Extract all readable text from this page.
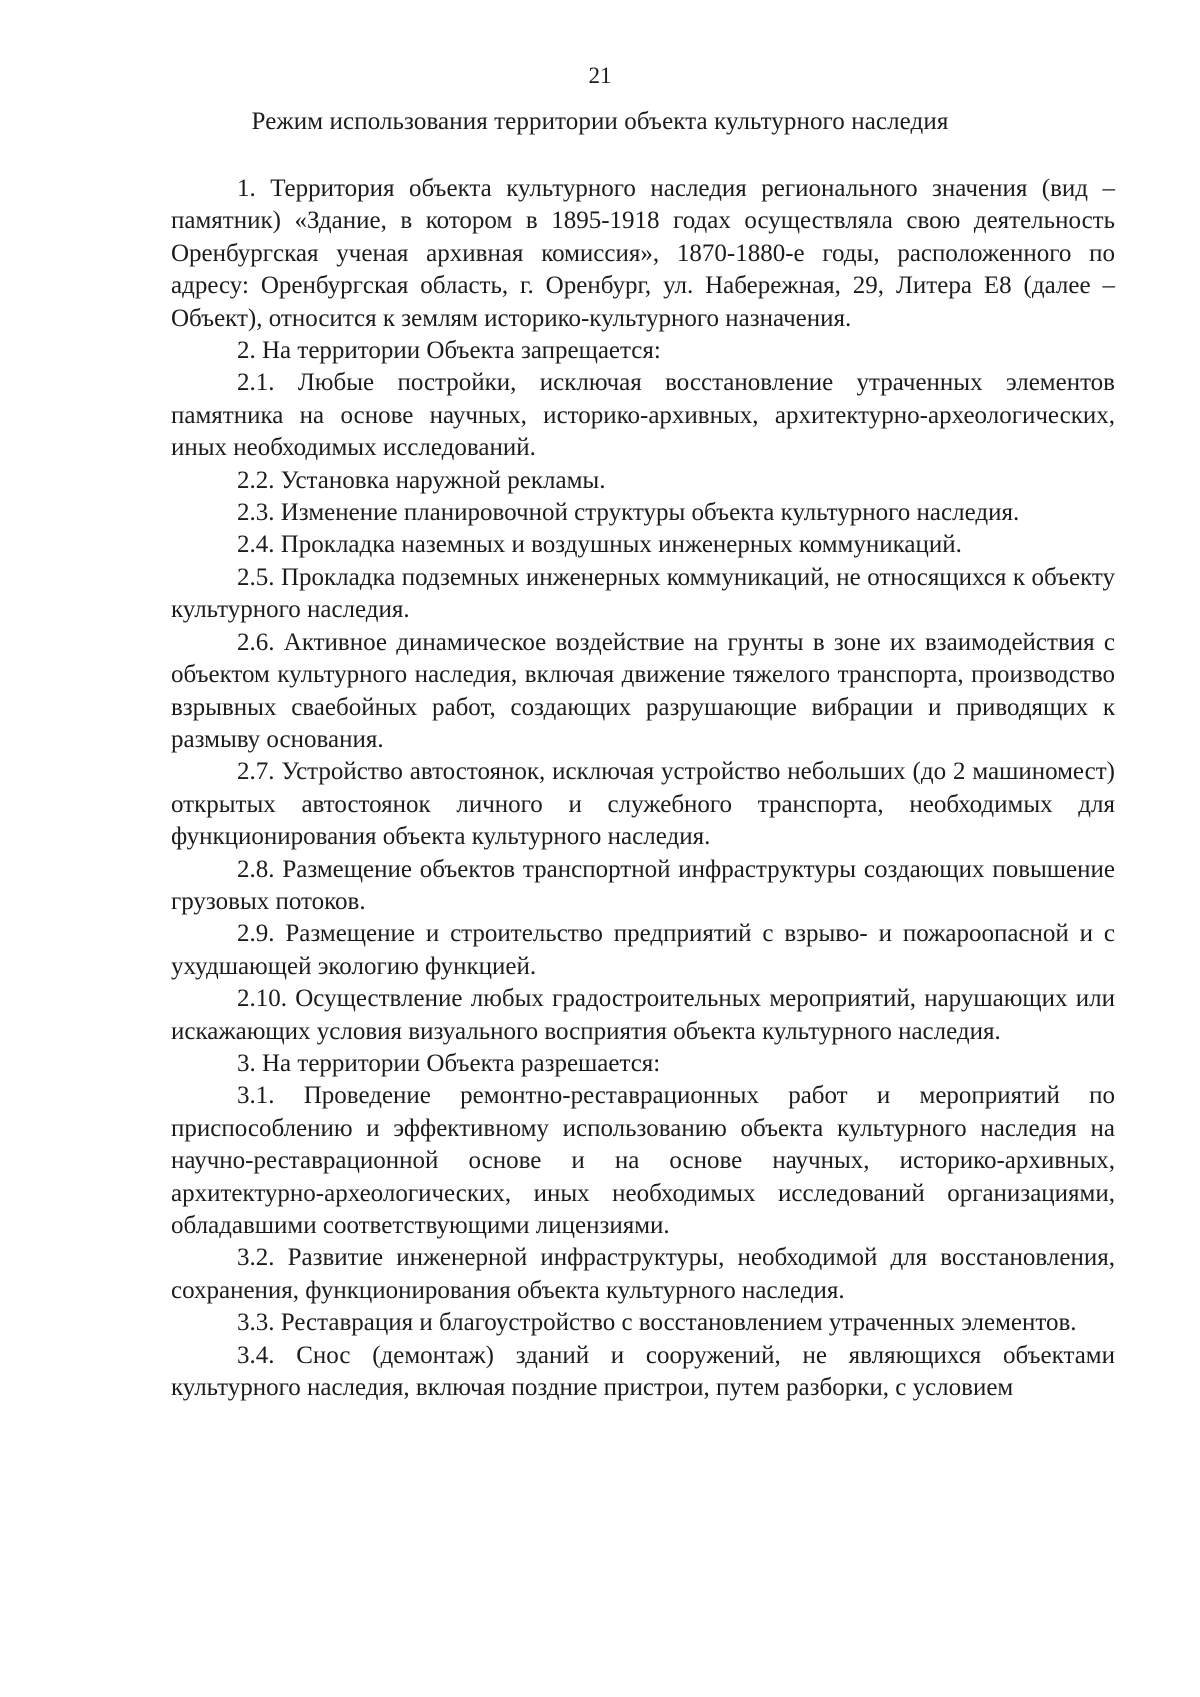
21
Режим использования территории объекта культурного наследия

1. Территория объекта культурного наследия регионального значения (вид – памятник) «Здание, в котором в 1895-1918 годах осуществляла свою деятельность Оренбургская ученая архивная комиссия», 1870-1880-е годы, расположенного по адресу: Оренбургская область, г. Оренбург, ул. Набережная, 29, Литера Е8 (далее – Объект), относится к землям историко-культурного назначения.

2. На территории Объекта запрещается:

2.1. Любые постройки, исключая восстановление утраченных элементов памятника на основе научных, историко-архивных, архитектурно-археологических, иных необходимых исследований.

2.2. Установка наружной рекламы.

2.3. Изменение планировочной структуры объекта культурного наследия.

2.4. Прокладка наземных и воздушных инженерных коммуникаций.

2.5. Прокладка подземных инженерных коммуникаций, не относящихся к объекту культурного наследия.

2.6. Активное динамическое воздействие на грунты в зоне их взаимодействия с объектом культурного наследия, включая движение тяжелого транспорта, производство взрывных сваебойных работ, создающих разрушающие вибрации и приводящих к размыву основания.

2.7. Устройство автостоянок, исключая устройство небольших (до 2 машиномест) открытых автостоянок личного и служебного транспорта, необходимых для функционирования объекта культурного наследия.

2.8. Размещение объектов транспортной инфраструктуры создающих повышение грузовых потоков.

2.9. Размещение и строительство предприятий с взрыво- и пожароопасной и с ухудшающей экологию функцией.

2.10. Осуществление любых градостроительных мероприятий, нарушающих или искажающих условия визуального восприятия объекта культурного наследия.

3. На территории Объекта разрешается:

3.1. Проведение ремонтно-реставрационных работ и мероприятий по приспособлению и эффективному использованию объекта культурного наследия на научно-реставрационной основе и на основе научных, историко-архивных, архитектурно-археологических, иных необходимых исследований организациями, обладавшими соответствующими лицензиями.

3.2. Развитие инженерной инфраструктуры, необходимой для восстановления, сохранения, функционирования объекта культурного наследия.

3.3. Реставрация и благоустройство с восстановлением утраченных элементов.

3.4. Снос (демонтаж) зданий и сооружений, не являющихся объектами культурного наследия, включая поздние пристрои, путем разборки, с условием
